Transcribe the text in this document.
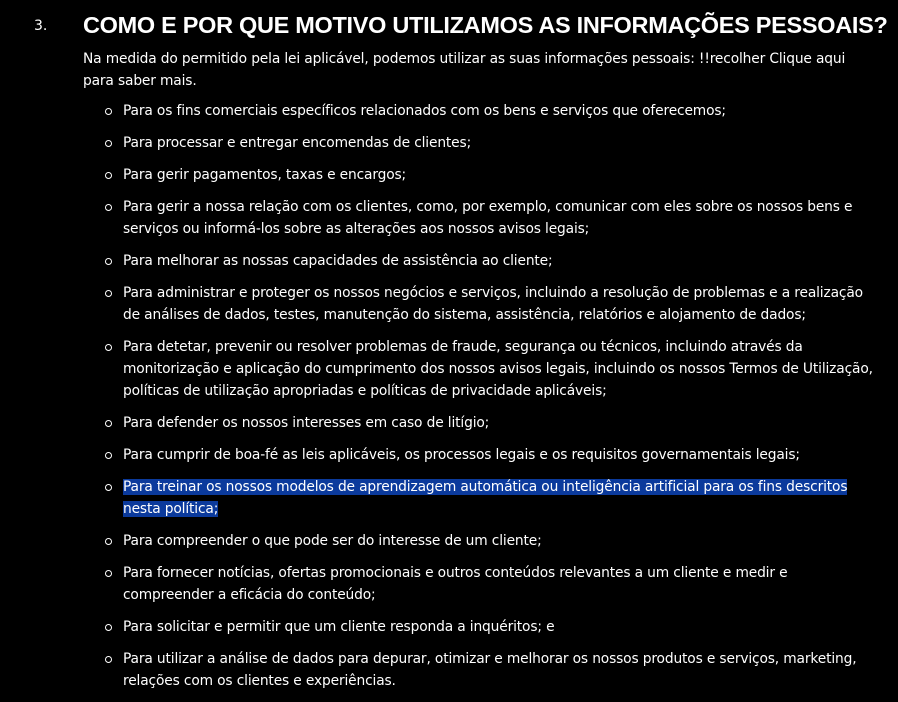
3. COMO E POR QUE MOTIVO UTILIZAMOS AS INFORMAÇÕES PESSOAIS?

Na medida do permitido pela lei aplicável, podemos utilizar as suas informações pessoais: !!recolher Clique aqui para saber mais.

Para os fins comerciais específicos relacionados com os bens e serviços que oferecemos;
Para processar e entregar encomendas de clientes;
Para gerir pagamentos, taxas e encargos;
Para gerir a nossa relação com os clientes, como, por exemplo, comunicar com eles sobre os nossos bens e serviços ou informá-los sobre as alterações aos nossos avisos legais;
Para melhorar as nossas capacidades de assistência ao cliente;
Para administrar e proteger os nossos negócios e serviços, incluindo a resolução de problemas e a realização de análises de dados, testes, manutenção do sistema, assistência, relatórios e alojamento de dados;
Para detetar, prevenir ou resolver problemas de fraude, segurança ou técnicos, incluindo através da monitorização e aplicação do cumprimento dos nossos avisos legais, incluindo os nossos Termos de Utilização, políticas de utilização apropriadas e políticas de privacidade aplicáveis;
Para defender os nossos interesses em caso de litígio;
Para cumprir de boa-fé as leis aplicáveis, os processos legais e os requisitos governamentais legais;
Para treinar os nossos modelos de aprendizagem automática ou inteligência artificial para os fins descritos nesta política;
Para compreender o que pode ser do interesse de um cliente;
Para fornecer notícias, ofertas promocionais e outros conteúdos relevantes a um cliente e medir e compreender a eficácia do conteúdo;
Para solicitar e permitir que um cliente responda a inquéritos; e
Para utilizar a análise de dados para depurar, otimizar e melhorar os nossos produtos e serviços, marketing, relações com os clientes e experiências.
